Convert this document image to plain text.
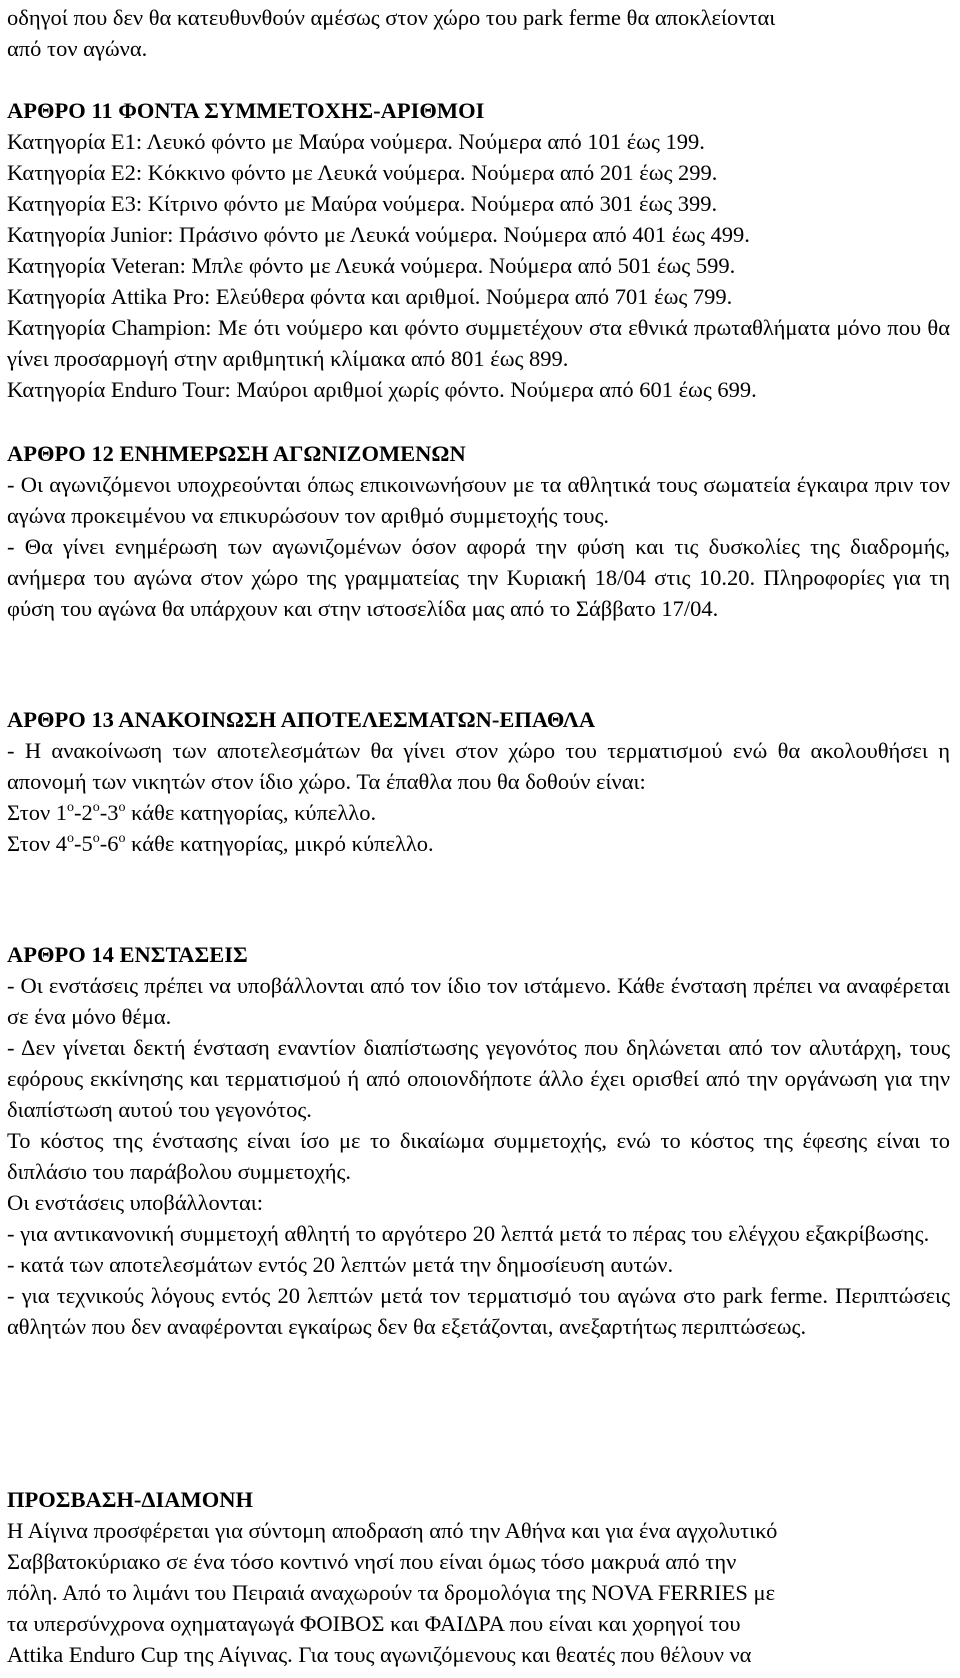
οδηγοί που δεν θα κατευθυνθούν αμέσως στον χώρο του park ferme θα αποκλείονται

από τον αγώνα.

ΑΡΘΡΟ 11 ΦΟΝΤΑ ΣΥΜΜΕΤΟΧΗΣ-ΑΡΙΘΜΟΙ

Κατηγορία Ε1: Λευκό φόντο με Μαύρα νούμερα. Νούμερα από 101 έως 199.

Κατηγορία Ε2: Κόκκινο φόντο με Λευκά νούμερα. Νούμερα από 201 έως 299.

Κατηγορία Ε3: Κίτρινο φόντο με Μαύρα νούμερα. Νούμερα από 301 έως 399.

Κατηγορία Junior: Πράσινο φόντο με Λευκά νούμερα. Νούμερα από 401 έως 499.

Κατηγορία Veteran: Μπλε φόντο με Λευκά νούμερα. Νούμερα από 501 έως 599.

Κατηγορία Attika Pro: Ελεύθερα φόντα και αριθμοί. Νούμερα από 701 έως 799.

Κατηγορία Champion: Με ότι νούμερο και φόντο συμμετέχουν στα εθνικά πρωταθλήματα μόνο που θα γίνει προσαρμογή στην αριθμητική κλίμακα από 801 έως 899.

Κατηγορία Enduro Tour: Μαύροι αριθμοί χωρίς φόντο. Νούμερα από 601 έως 699.

ΑΡΘΡΟ 12 ΕΝΗΜΕΡΩΣΗ ΑΓΩΝΙΖΟΜΕΝΩΝ

- Οι αγωνιζόμενοι υποχρεούνται όπως επικοινωνήσουν με τα αθλητικά τους σωματεία έγκαιρα πριν τον αγώνα προκειμένου να επικυρώσουν τον αριθμό συμμετοχής τους.

- Θα γίνει ενημέρωση των αγωνιζομένων όσον αφορά την φύση και τις δυσκολίες της διαδρομής, ανήμερα του αγώνα στον χώρο της γραμματείας την Κυριακή 18/04 στις 10.20. Πληροφορίες για τη φύση του αγώνα θα υπάρχουν και στην ιστοσελίδα μας από το Σάββατο 17/04.

ΑΡΘΡΟ 13 ΑΝΑΚΟΙΝΩΣΗ ΑΠΟΤΕΛΕΣΜΑΤΩΝ-ΕΠΑΘΛΑ

- Η ανακοίνωση των αποτελεσμάτων θα γίνει στον χώρο του τερματισμού ενώ θα ακολουθήσει η απονομή των νικητών στον ίδιο χώρο. Τα έπαθλα που θα δοθούν είναι:

Στον $1^o-2^o-3^o$ κάθε κατηγορίας, κύπελλο.

Στον $4^o-5^o-6^o$ κάθε κατηγορίας, μικρό κύπελλο.

ΑΡΘΡΟ 14 ΕΝΣΤΑΣΕΙΣ

- Οι ενστάσεις πρέπει να υποβάλλονται από τον ίδιο τον ιστάμενο. Κάθε ένσταση πρέπει να αναφέρεται σε ένα μόνο θέμα.

- Δεν γίνεται δεκτή ένσταση εναντίον διαπίστωσης γεγονότος που δηλώνεται από τον αλυτάρχη, τους εφόρους εκκίνησης και τερματισμού ή από οποιονδήποτε άλλο έχει ορισθεί από την οργάνωση για την διαπίστωση αυτού του γεγονότος.

Το κόστος της ένστασης είναι ίσο με το δικαίωμα συμμετοχής, ενώ το κόστος της έφεσης είναι το διπλάσιο του παράβολου συμμετοχής.

Οι ενστάσεις υποβάλλονται:

- για αντικανονική συμμετοχή αθλητή το αργότερο 20 λεπτά μετά το πέρας του ελέγχου εξακρίβωσης.

- κατά των αποτελεσμάτων εντός 20 λεπτών μετά την δημοσίευση αυτών.

- για τεχνικούς λόγους εντός 20 λεπτών μετά τον τερματισμό του αγώνα στο park ferme. Περιπτώσεις αθλητών που δεν αναφέρονται εγκαίρως δεν θα εξετάζονται, ανεξαρτήτως περιπτώσεως.

ΠΡΟΣΒΑΣΗ-ΔΙΑΜΟΝΗ

Η Αίγινα προσφέρεται για σύντομη αποδραση από την Αθήνα και για ένα αγχολυτικό

Σαββατοκύριακο σε ένα τόσο κοντινό νησί που είναι όμως τόσο μακρυά από την

πόλη. Από το λιμάνι του Πειραιά αναχωρούν τα δρομολόγια της NOVA FERRIES με

τα υπερσύνχρονα οχηματαγωγά ΦΟΙΒΟΣ και ΦΑΙΔΡΑ που είναι και χορηγοί του

Attika Enduro Cup της Αίγινας. Για τους αγωνιζόμενους και θεατές που θέλουν να
